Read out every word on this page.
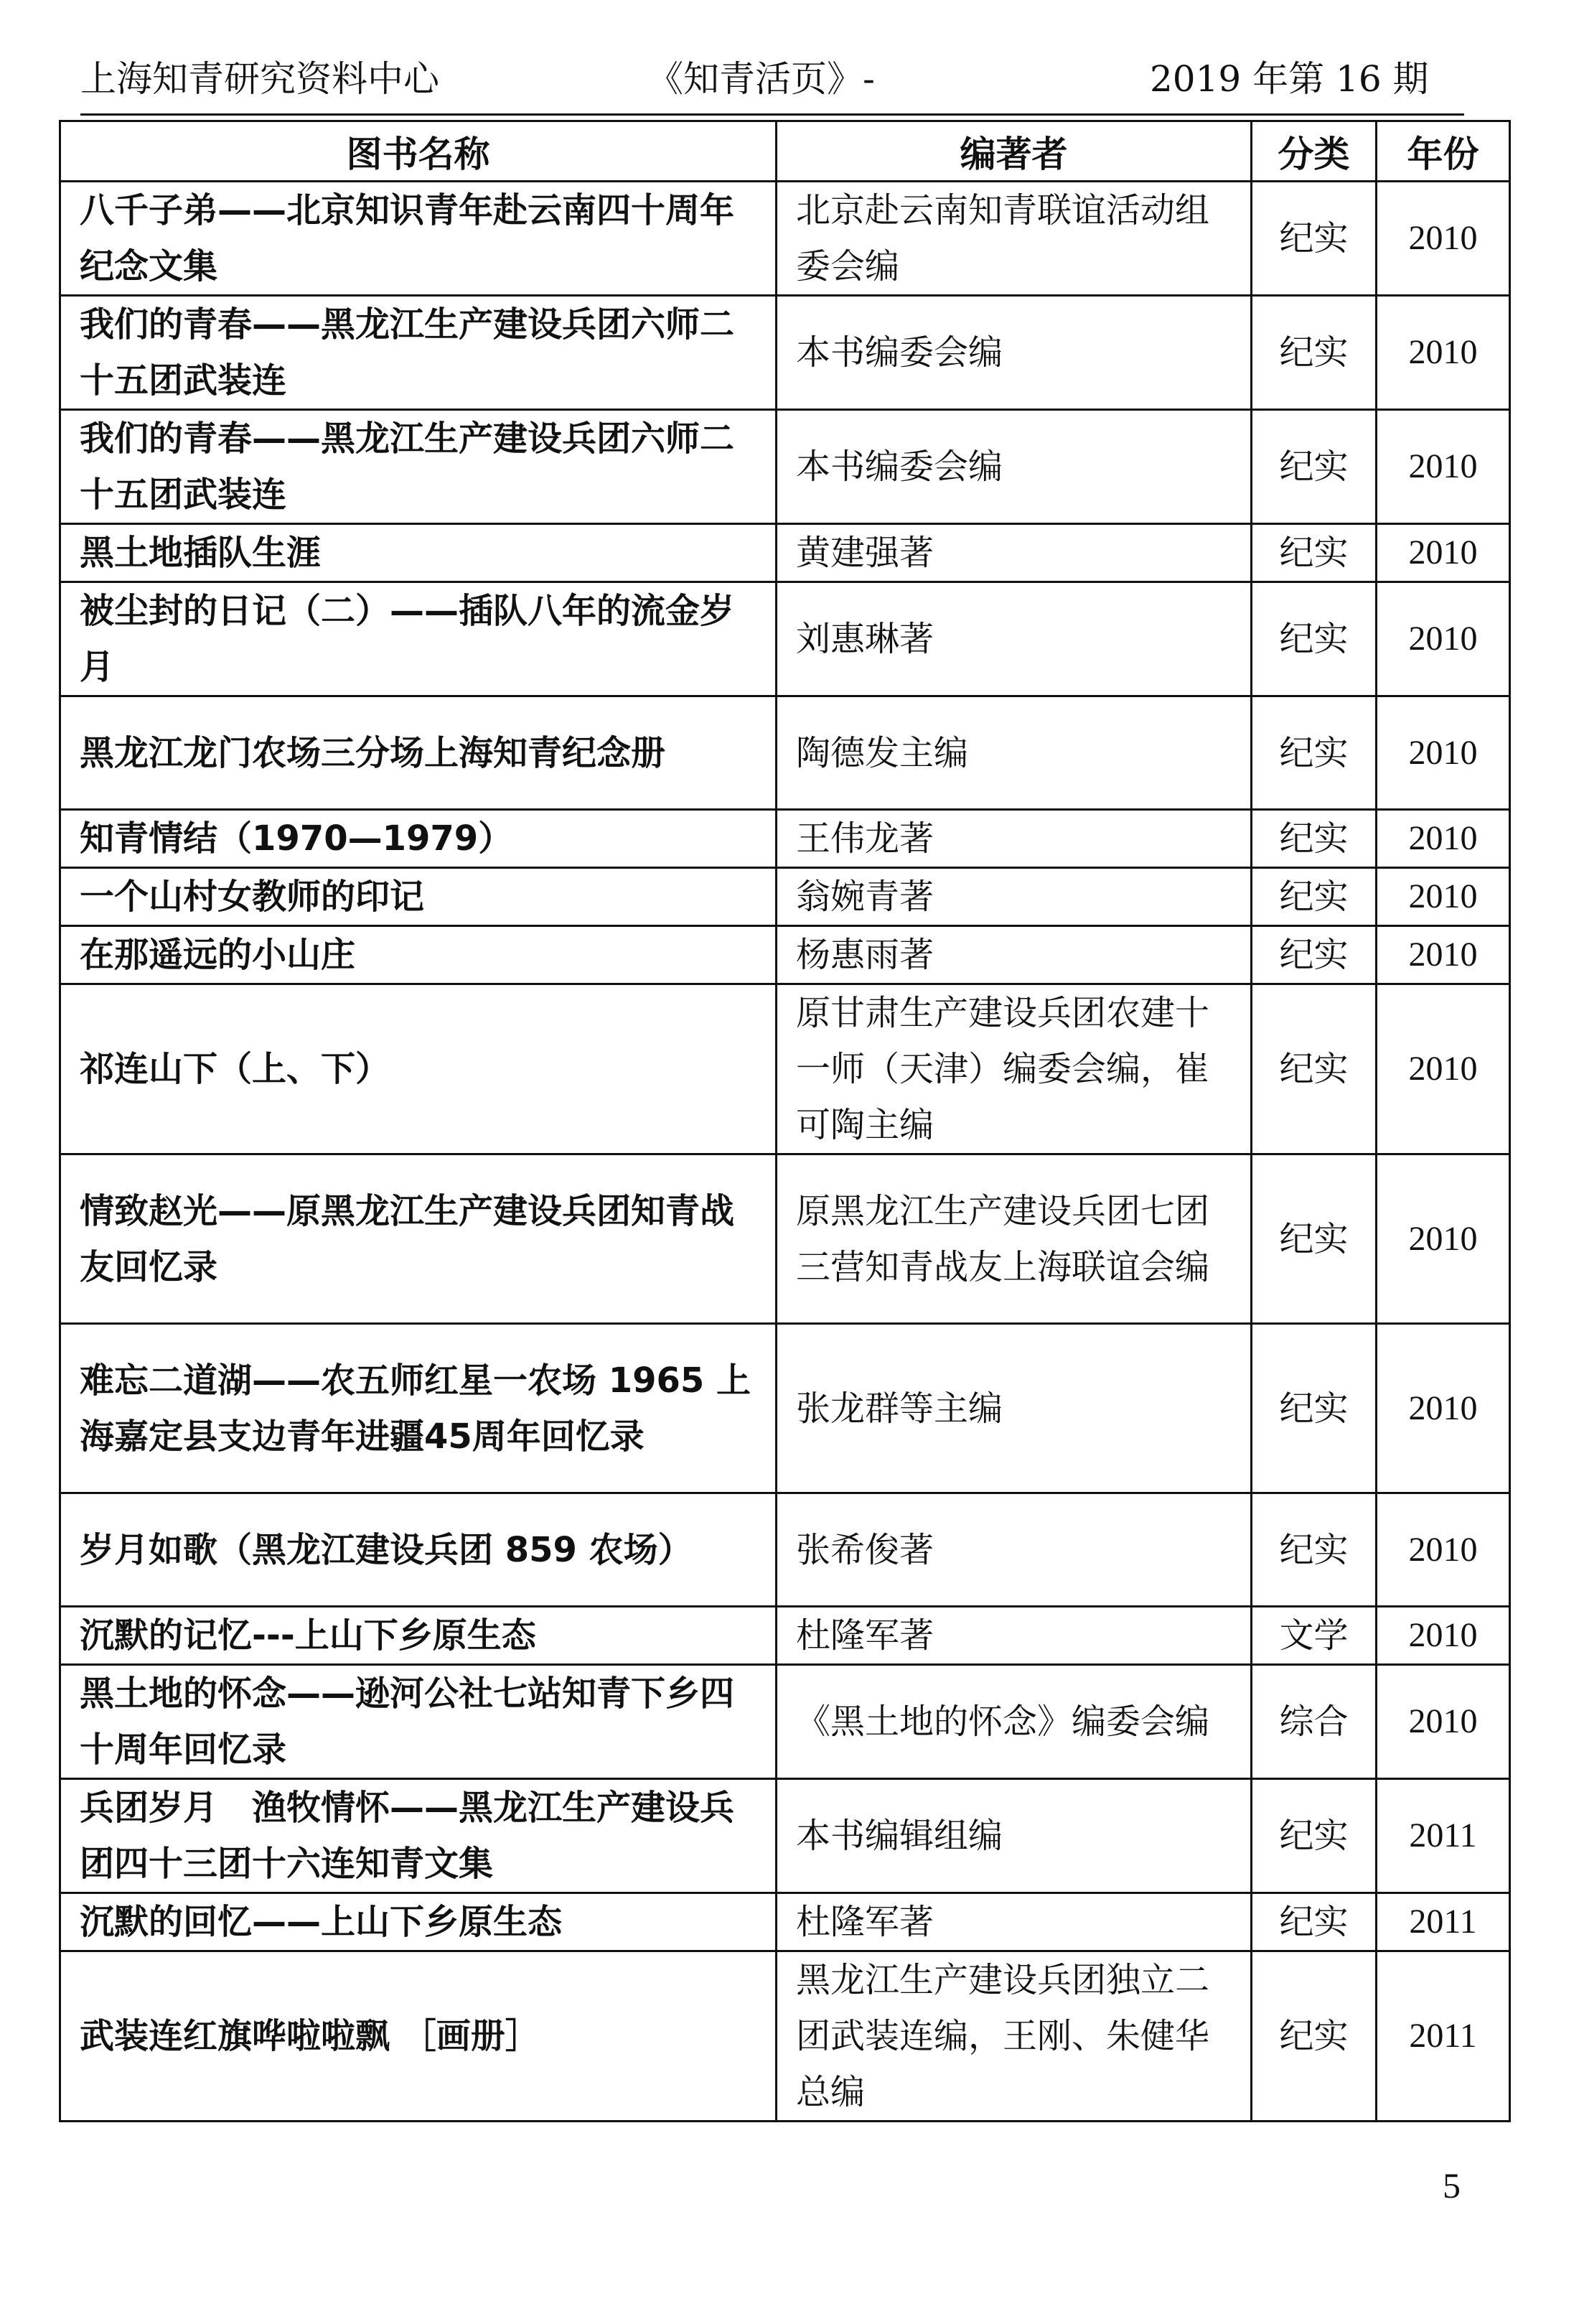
上海知青研究资料中心	《知青活页》-	2019 年第 16 期
图书名称	编著者	分类	年份
八千子弟——北京知识青年赴云南四十周年纪念文集	北京赴云南知青联谊活动组委会编	纪实	2010
我们的青春——黑龙江生产建设兵团六师二十五团武装连	本书编委会编	纪实	2010
我们的青春——黑龙江生产建设兵团六师二十五团武装连	本书编委会编	纪实	2010
黑土地插队生涯	黄建强著	纪实	2010
被尘封的日记（二）——插队八年的流金岁月	刘惠琳著	纪实	2010
黑龙江龙门农场三分场上海知青纪念册	陶德发主编	纪实	2010
知青情结（1970—1979）	王伟龙著	纪实	2010
一个山村女教师的印记	翁婉青著	纪实	2010
在那遥远的小山庄	杨惠雨著	纪实	2010
祁连山下（上、下）	原甘肃生产建设兵团农建十一师（天津）编委会编，崔可陶主编	纪实	2010
情致赵光——原黑龙江生产建设兵团知青战友回忆录	原黑龙江生产建设兵团七团三营知青战友上海联谊会编	纪实	2010
难忘二道湖——农五师红星一农场 1965 上海嘉定县支边青年进疆45周年回忆录	张龙群等主编	纪实	2010
岁月如歌（黑龙江建设兵团 859 农场）	张希俊著	纪实	2010
沉默的记忆---上山下乡原生态	杜隆军著	文学	2010
黑土地的怀念——逊河公社七站知青下乡四十周年回忆录	《黑土地的怀念》编委会编	综合	2010
兵团岁月　渔牧情怀——黑龙江生产建设兵团四十三团十六连知青文集	本书编辑组编	纪实	2011
沉默的回忆——上山下乡原生态	杜隆军著	纪实	2011
武装连红旗哗啦啦飘 ［画册］	黑龙江生产建设兵团独立二团武装连编，王刚、朱健华总编	纪实	2011
5
